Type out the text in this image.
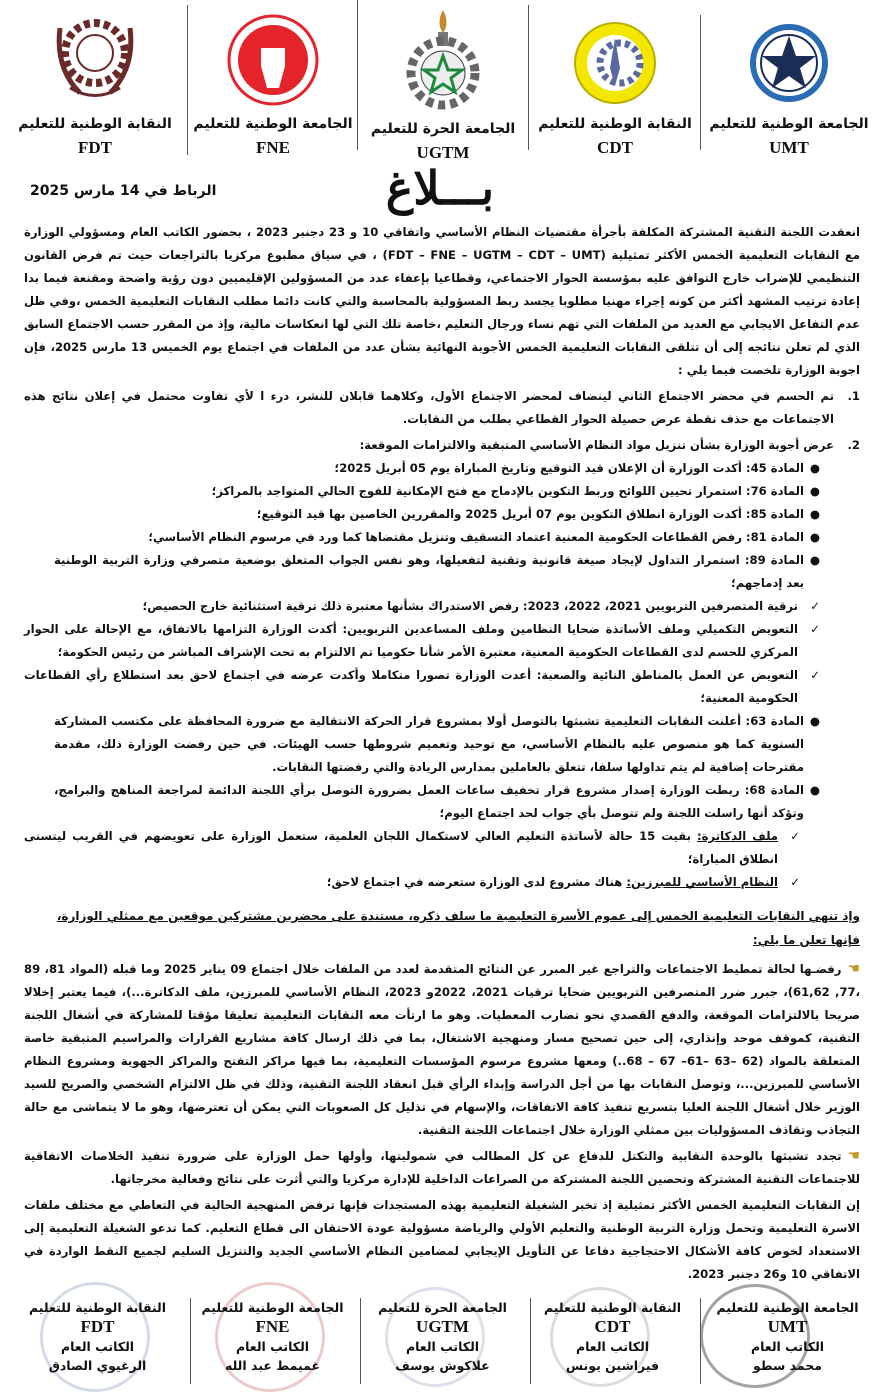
النقابة الوطنية للتعليم
FDT
الجامعة الوطنية للتعليم
FNE
الجامعة الحرة للتعليم
UGTM
النقابة الوطنية للتعليم
CDT
الجامعة الوطنية للتعليم
UMT
بـــلاغ
الرباط في 14 مارس 2025
انعقدت اللجنة التقنية المشتركة المكلفة بأجرأة مقتضيات النظام الأساسي واتفاقي 10 و 23 دجنبر 2023 ، بحضور الكاتب العام ومسؤولي الوزارة مع النقابات التعليمية الخمس الأكثر تمثيلية (FDT – FNE – UGTM – CDT – UMT) ، في سياق مطبوع مركزيا بالتراجعات حيث تم فرض القانون التنظيمي للإضراب خارج التوافق عليه بمؤسسة الحوار الاجتماعي، وقطاعيا بإعفاء عدد من المسؤولين الإقليميين دون رؤية واضحة ومقنعة فيما بدا إعادة ترتيب المشهد أكثر من كونه إجراء مهنيا مطلوبا يجسد ربط المسؤولية بالمحاسبة والتي كانت دائما مطلب النقابات التعليمية الخمس ،وفي ظل عدم التفاعل الايجابي مع العديد من الملفات التي تهم نساء ورجال التعليم ،خاصة تلك التي لها انعكاسات مالية، وإذ من المقرر حسب الاجتماع السابق الذي لم تعلن نتائجه إلى أن تتلقى النقابات التعليمية الخمس الأجوبة النهائية بشأن عدد من الملفات في اجتماع يوم الخميس 13 مارس 2025، فإن اجوبة الوزارة تلخصت فيما يلي :
1.
تم الحسم في محضر الاجتماع الثاني لينضاف لمحضر الاجتماع الأول، وكلاهما قابلان للنشر، درء ا لأي تفاوت محتمل في إعلان نتائج هذه الاجتماعات مع حذف نقطة عرض حصيلة الحوار القطاعي بطلب من النقابات.
2.
عرض أجوبة الوزارة بشأن تنزيل مواد النظام الأساسي المتبقية والالتزامات الموقعة:
●
المادة 45: أكدت الوزارة أن الإعلان قيد التوقيع وتاريخ المباراة يوم 05 أبريل 2025؛
●
المادة 76: استمرار تحيين اللوائح وربط التكوين بالإدماج مع فتح الإمكانية للفوج الحالي المتواجد بالمراكز؛
●
المادة 85: أكدت الوزارة انطلاق التكوين يوم 07 أبريل 2025 والمقررين الخاصين بها قيد التوقيع؛
●
المادة 81: رفض القطاعات الحكومية المعنية اعتماد التسقيف وتنزيل مقتضاها كما ورد في مرسوم النظام الأساسي؛
●
المادة 89: استمرار التداول لإيجاد صيغة قانونية وتقنية لتفعيلها، وهو نفس الجواب المتعلق بوضعية متصرفي وزارة التربية الوطنية بعد إدماجهم؛
✓
ترقية المتصرفين التربويين 2021، 2022، 2023: رفض الاستدراك بشأنها معتبرة ذلك ترقية استثنائية خارج الحصيص؛
✓
التعويض التكميلي وملف الأساتذة ضحايا النظامين وملف المساعدين التربويين: أكدت الوزارة التزامها بالاتفاق، مع الإحالة على الحوار المركزي للحسم لدى القطاعات الحكومية المعنية، معتبرة الأمر شأنا حكوميا تم الالتزام به تحت الإشراف المباشر من رئيس الحكومة؛
✓
التعويض عن العمل بالمناطق النائية والصعبة: أعدت الوزارة تصورا متكاملا وأكدت عرضه في اجتماع لاحق بعد استطلاع رأي القطاعات الحكومية المعنية؛
●
المادة 63: أعلنت النقابات التعليمية تشبثها بالتوصل أولا بمشروع قرار الحركة الانتقالية مع ضرورة المحافظة على مكتسب المشاركة السنوية كما هو منصوص عليه بالنظام الأساسي، مع توحيد وتعميم شروطها حسب الهيئات. في حين رفضت الوزارة ذلك، مقدمة مقترحات إضافية لم يتم تداولها سلفا، تتعلق بالعاملين بمدارس الريادة والتي رفضتها النقابات.
●
المادة 68: ربطت الوزارة إصدار مشروع قرار تخفيف ساعات العمل بضرورة التوصل برأي اللجنة الدائمة لمراجعة المناهج والبرامج، وتؤكد أنها راسلت اللجنة ولم تتوصل بأي جواب لحد اجتماع اليوم؛
✓
ملف الدكاترة: بقيت 15 حالة لأساتذة التعليم العالي لاستكمال اللجان العلمية، ستعمل الوزارة على تعويضهم في القريب ليتسنى انطلاق المباراة؛
✓
النظام الأساسي للمبرزين: هناك مشروع لدى الوزارة ستعرضه في اجتماع لاحق؛
وإذ تنهي النقابات التعليمية الخمس إلى عموم الأسرة التعليمية ما سلف ذكره، مستندة على محضرين مشتركين موقعين مع ممثلي الوزارة، فإنها تعلن ما يلي:
☚رفضـها لحالة تمطيط الاجتماعات والتراجع غير المبرر عن النتائج المتقدمة لعدد من الملفات خلال اجتماع 09 يناير 2025 وما قبله (المواد 81، 89 ،77, 61,62)، جبرر ضرر المتصرفين التربويين ضحايا ترقيات 2021، 2022و 2023، النظام الأساسي للمبرزين، ملف الدكاترة...)، فيما يعتبر إخلالا صريحا بالالتزامات الموقعة، والدفع القصدي نحو تضارب المعطيات. وهو ما ارتأت معه النقابات التعليمية تعليقا مؤقتا للمشاركة في أشغال اللجنة التقنية، كموقف موحد وإنذاري، إلى حين تصحيح مسار ومنهجية الاشتغال، بما في ذلك ارسال كافة مشاريع القرارات والمراسيم المتبقية خاصة المتعلقة بالمواد (62 –63 –61– 67 – 68..) ومعها مشروع مرسوم المؤسسات التعليمية، بما فيها مراكز التفتح والمراكز الجهوية ومشروع النظام الأساسي للمبرزين...، وتوصل النقابات بها من أجل الدراسة وإبداء الرأي قبل انعقاد اللجنة التقنية، وذلك في ظل الالتزام الشخصي والصريح للسيد الوزير خلال أشغال اللجنة العليا بتسريع تنفيذ كافة الاتفاقات، والإسهام في تذليل كل الصعوبات التي يمكن أن تعترضها، وهو ما لا يتماشى مع حالة التجاذب وتقاذف المسؤوليات بين ممثلي الوزارة خلال اجتماعات اللجنة التقنية.
☚تجدد تشبثها بالوحدة النقابية والتكتل للدفاع عن كل المطالب في شموليتها، وأولها حمل الوزارة على ضرورة تنفيذ الخلاصات الاتفاقية للاجتماعات التقنية المشتركة وتحصين اللجنة المشتركة من الصراعات الداخلية للإدارة مركزيا والتي أثرت على نتائج وفعالية مخرجاتها.
إن النقابات التعليمية الخمس الأكثر تمثيلية إذ تخبر الشغيلة التعليمية بهذه المستجدات فإنها ترفض المنهجية الحالية في التعاطي مع مختلف ملفات الاسرة التعليمية وتحمل وزارة التربية الوطنية والتعليم الأولي والرياضة مسؤولية عودة الاحتقان الى قطاع التعليم. كما تدعو الشغيلة التعليمية إلى الاستعداد لخوض كافة الأشكال الاحتجاجية دفاعا عن التأويل الإيجابي لمضامين النظام الأساسي الجديد والتنزيل السليم لجميع النقط الواردة في الاتفاقي 10 و26 دجنبر 2023.
النقابة الوطنية للتعليم
FDT
الكاتب العام
الرغيوي الصادق
الجامعة الوطنية للتعليم
FNE
الكاتب العام
غميمط عبد الله
الجامعة الحرة للتعليم
UGTM
الكاتب العام
علاكوش يوسف
النقابة الوطنية للتعليم
CDT
الكاتب العام
فيراشين يونس
الجامعة الوطنية للتعليم
UMT
الكاتب العام
محمد سطو
